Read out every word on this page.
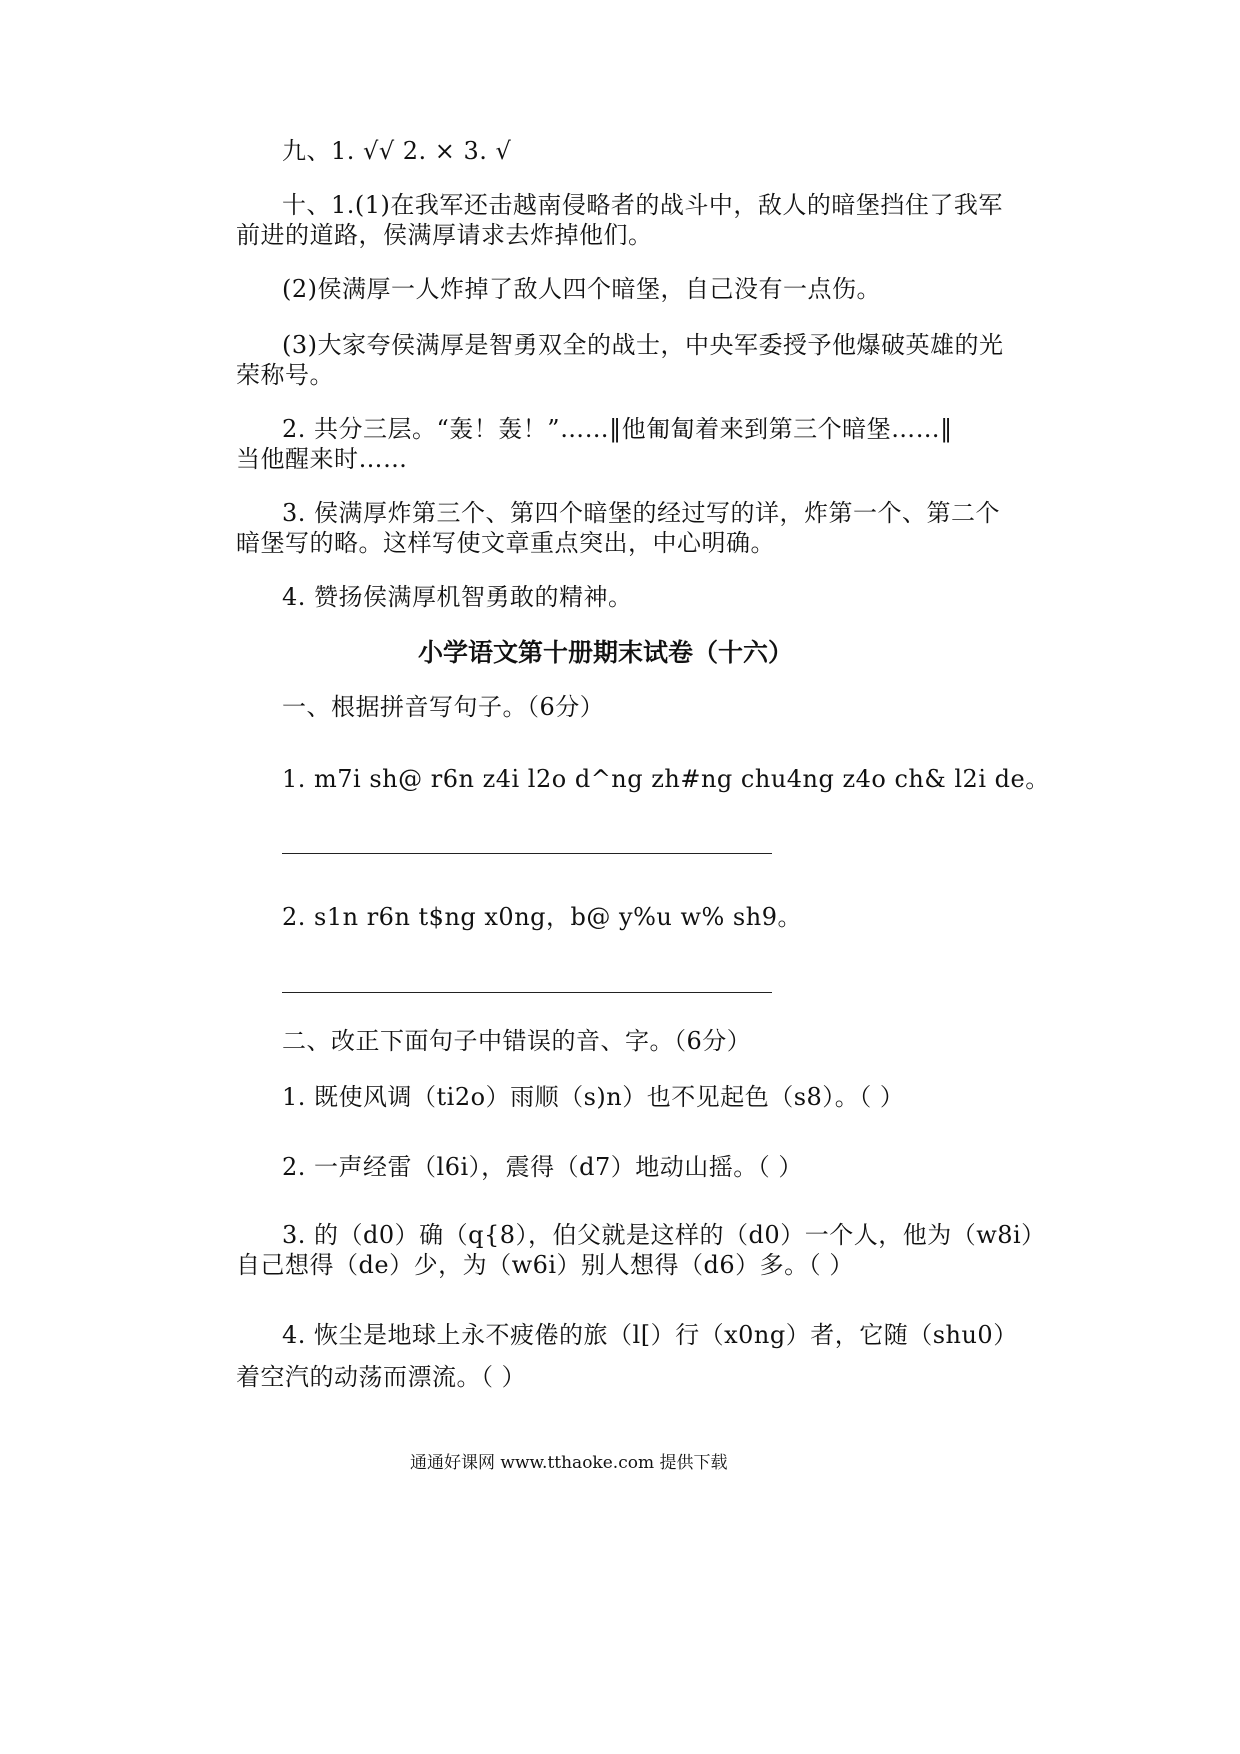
九、1. √√ 2. × 3. √
十、1.(1)在我军还击越南侵略者的战斗中，敌人的暗堡挡住了我军
前进的道路，侯满厚请求去炸掉他们。
(2)侯满厚一人炸掉了敌人四个暗堡，自己没有一点伤。
(3)大家夸侯满厚是智勇双全的战士，中央军委授予他爆破英雄的光
荣称号。
2. 共分三层。“轰！轰！”……‖他匍匐着来到第三个暗堡……‖
当他醒来时……
3. 侯满厚炸第三个、第四个暗堡的经过写的详，炸第一个、第二个
暗堡写的略。这样写使文章重点突出，中心明确。
4. 赞扬侯满厚机智勇敢的精神。
小学语文第十册期末试卷（十六）
一、根据拼音写句子。（6分）
1. m7i sh@ r6n z4i l2o d^ng zh#ng chu4ng z4o ch& l2i de。
2. s1n r6n t$ng x0ng，b@ y%u w% sh9。
二、改正下面句子中错误的音、字。（6分）
1. 既使风调（ti2o）雨顺（s)n）也不见起色（s8）。（ ）
2. 一声经雷（l6i），震得（d7）地动山摇。（ ）
3. 的（d0）确（q{8），伯父就是这样的（d0）一个人，他为（w8i）
自己想得（de）少，为（w6i）别人想得（d6）多。（ ）
4. 恢尘是地球上永不疲倦的旅（l[）行（x0ng）者，它随（shu0）
着空汽的动荡而漂流。（ ）
通通好课网 www.tthaoke.com 提供下载
